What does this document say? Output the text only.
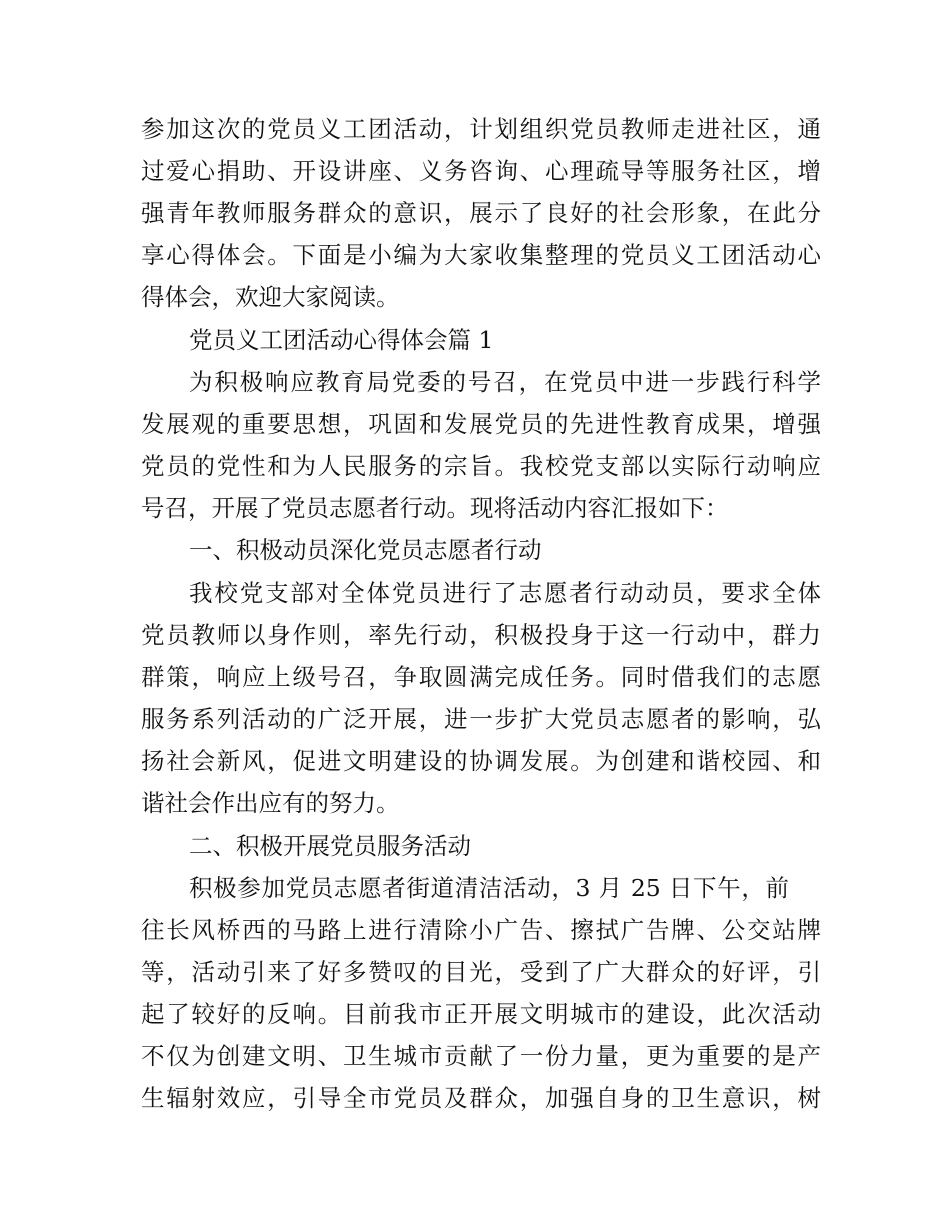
参加这次的党员义工团活动，计划组织党员教师走进社区，通
过爱心捐助、开设讲座、义务咨询、心理疏导等服务社区，增
强青年教师服务群众的意识，展示了良好的社会形象，在此分
享心得体会。下面是小编为大家收集整理的党员义工团活动心
得体会，欢迎大家阅读。
党员义工团活动心得体会篇 1
为积极响应教育局党委的号召，在党员中进一步践行科学
发展观的重要思想，巩固和发展党员的先进性教育成果，增强
党员的党性和为人民服务的宗旨。我校党支部以实际行动响应
号召，开展了党员志愿者行动。现将活动内容汇报如下：
一、积极动员深化党员志愿者行动
我校党支部对全体党员进行了志愿者行动动员，要求全体
党员教师以身作则，率先行动，积极投身于这一行动中，群力
群策，响应上级号召，争取圆满完成任务。同时借我们的志愿
服务系列活动的广泛开展，进一步扩大党员志愿者的影响，弘
扬社会新风，促进文明建设的协调发展。为创建和谐校园、和
谐社会作出应有的努力。
二、积极开展党员服务活动
积极参加党员志愿者街道清洁活动，3 月 25 日下午，前
往长风桥西的马路上进行清除小广告、擦拭广告牌、公交站牌
等，活动引来了好多赞叹的目光，受到了广大群众的好评，引
起了较好的反响。目前我市正开展文明城市的建设，此次活动
不仅为创建文明、卫生城市贡献了一份力量，更为重要的是产
生辐射效应，引导全市党员及群众，加强自身的卫生意识，树
